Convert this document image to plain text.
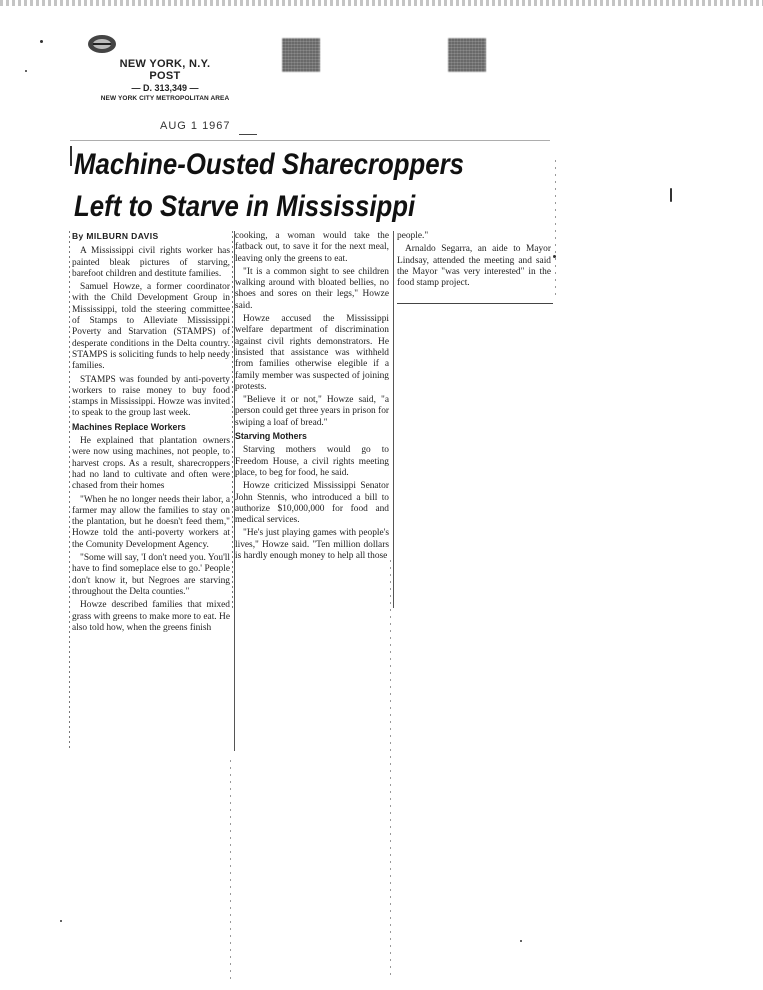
NEW YORK, N.Y.
POST
— D. 313,349 —
NEW YORK CITY METROPOLITAN AREA
AUG 1 1967
Machine-Ousted Sharecroppers
Left to Starve in Mississippi

By MILBURN DAVIS

A Mississippi civil rights worker has painted bleak pictures of starving, barefoot children and destitute families.

Samuel Howze, a former coordinator with the Child Development Group in Mississippi, told the steering committee of Stamps to Alleviate Mississippi Poverty and Starvation (STAMPS) of desperate conditions in the Delta country. STAMPS is soliciting funds to help needy families.

STAMPS was founded by anti-poverty workers to raise money to buy food stamps in Mississippi. Howze was invited to speak to the group last week.

Machines Replace Workers

He explained that plantation owners were now using machines, not people, to harvest crops. As a result, sharecroppers had no land to cultivate and often were chased from their homes

"When he no longer needs their labor, a farmer may allow the families to stay on the plantation, but he doesn't feed them," Howze told the anti-poverty workers at the Comunity Development Agency.

"Some will say, 'I don't need you. You'll have to find someplace else to go.' People don't know it, but Negroes are starving throughout the Delta counties."

Howze described families that mixed grass with greens to make more to eat. He also told how, when the greens finish

cooking, a woman would take the fatback out, to save it for the next meal, leaving only the greens to eat.

"It is a common sight to see children walking around with bloated bellies, no shoes and sores on their legs," Howze said.

Howze accused the Mississippi welfare department of discrimination against civil rights demonstrators. He insisted that assistance was withheld from families otherwise elegible if a family member was suspected of joining protests.

"Believe it or not," Howze said, "a person could get three years in prison for swiping a loaf of bread."

Starving Mothers

Starving mothers would go to Freedom House, a civil rights meeting place, to beg for food, he said.

Howze criticized Mississippi Senator John Stennis, who introduced a bill to authorize $10,000,000 for food and medical services.

"He's just playing games with people's lives," Howze said. "Ten million dollars is hardly enough money to help all those

people."

Arnaldo Segarra, an aide to Mayor Lindsay, attended the meeting and said the Mayor "was very interested" in the food stamp project.
